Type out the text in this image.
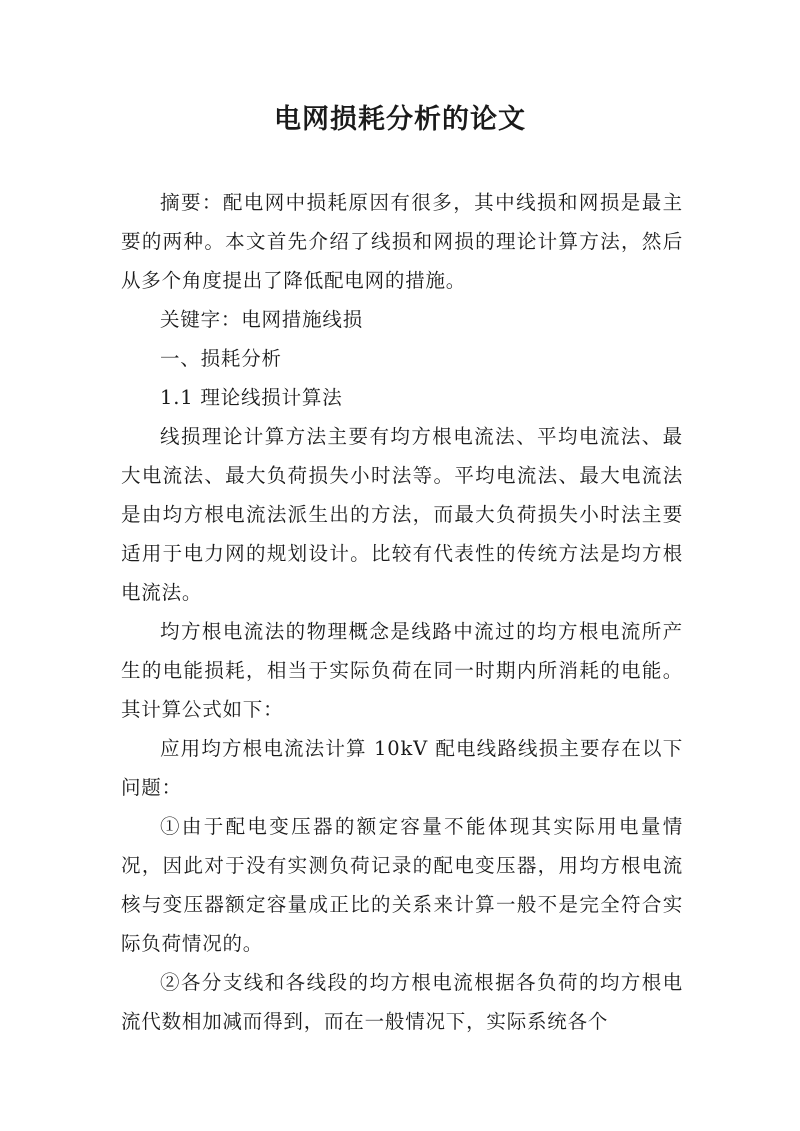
电网损耗分析的论文

摘要：配电网中损耗原因有很多，其中线损和网损是最主要的两种。本文首先介绍了线损和网损的理论计算方法，然后从多个角度提出了降低配电网的措施。

关键字：电网措施线损

一、损耗分析

1.1 理论线损计算法

线损理论计算方法主要有均方根电流法、平均电流法、最大电流法、最大负荷损失小时法等。平均电流法、最大电流法是由均方根电流法派生出的方法，而最大负荷损失小时法主要适用于电力网的规划设计。比较有代表性的传统方法是均方根电流法。

均方根电流法的物理概念是线路中流过的均方根电流所产生的电能损耗，相当于实际负荷在同一时期内所消耗的电能。其计算公式如下：

应用均方根电流法计算 10kV 配电线路线损主要存在以下问题：

①由于配电变压器的额定容量不能体现其实际用电量情况，因此对于没有实测负荷记录的配电变压器，用均方根电流核与变压器额定容量成正比的关系来计算一般不是完全符合实际负荷情况的。

②各分支线和各线段的均方根电流根据各负荷的均方根电流代数相加减而得到，而在一般情况下，实际系统各个
